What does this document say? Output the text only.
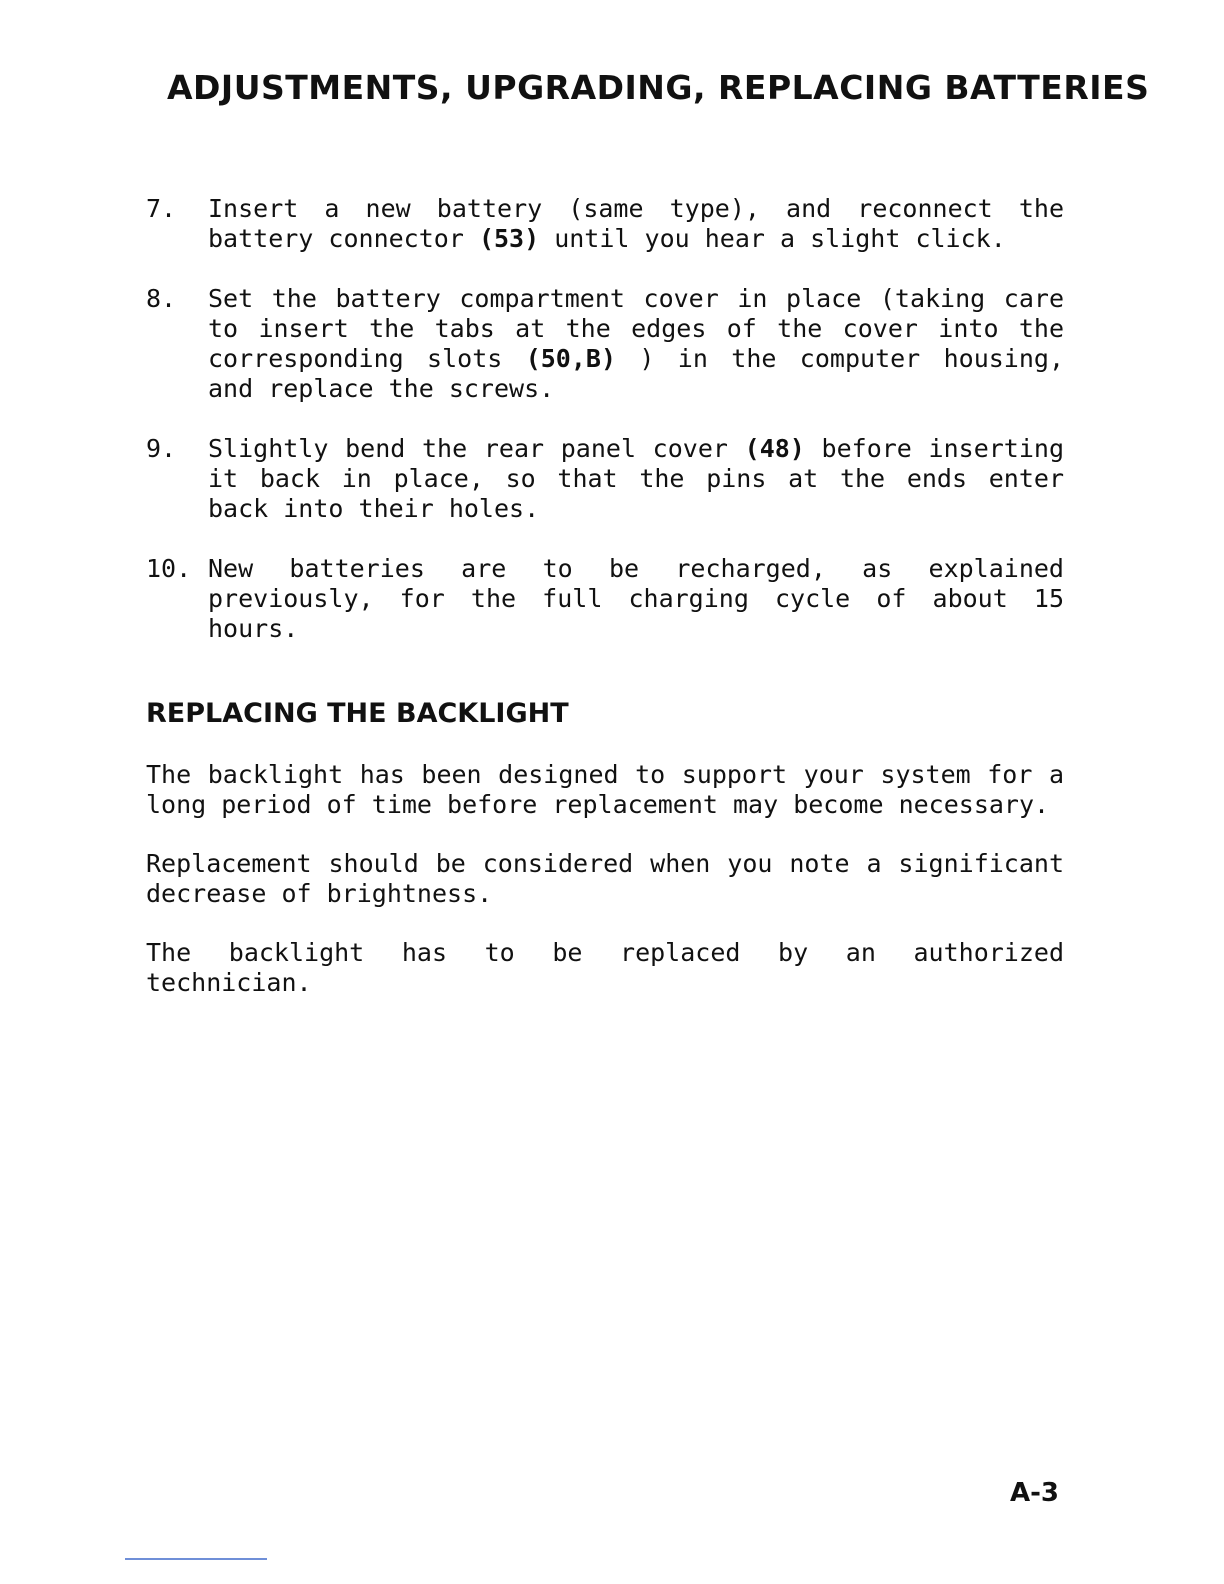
ADJUSTMENTS, UPGRADING, REPLACING BATTERIES
7.	Insert a new battery (same type), and reconnect the battery connector (53) until you hear a slight click.
8.	Set the battery compartment cover in place (taking care to insert the tabs at the edges of the cover into the corresponding slots (50,B) ) in the computer housing, and replace the screws.
9.	Slightly bend the rear panel cover (48) before inserting it back in place, so that the pins at the ends enter back into their holes.
10. New batteries are to be recharged, as explained previously, for the full charging cycle of about 15 hours.
REPLACING THE BACKLIGHT

The backlight has been designed to support your system for a long period of time before replacement may become necessary.

Replacement should be considered when you note a significant decrease of brightness.

The backlight has to be replaced by an authorized technician.

A-3
